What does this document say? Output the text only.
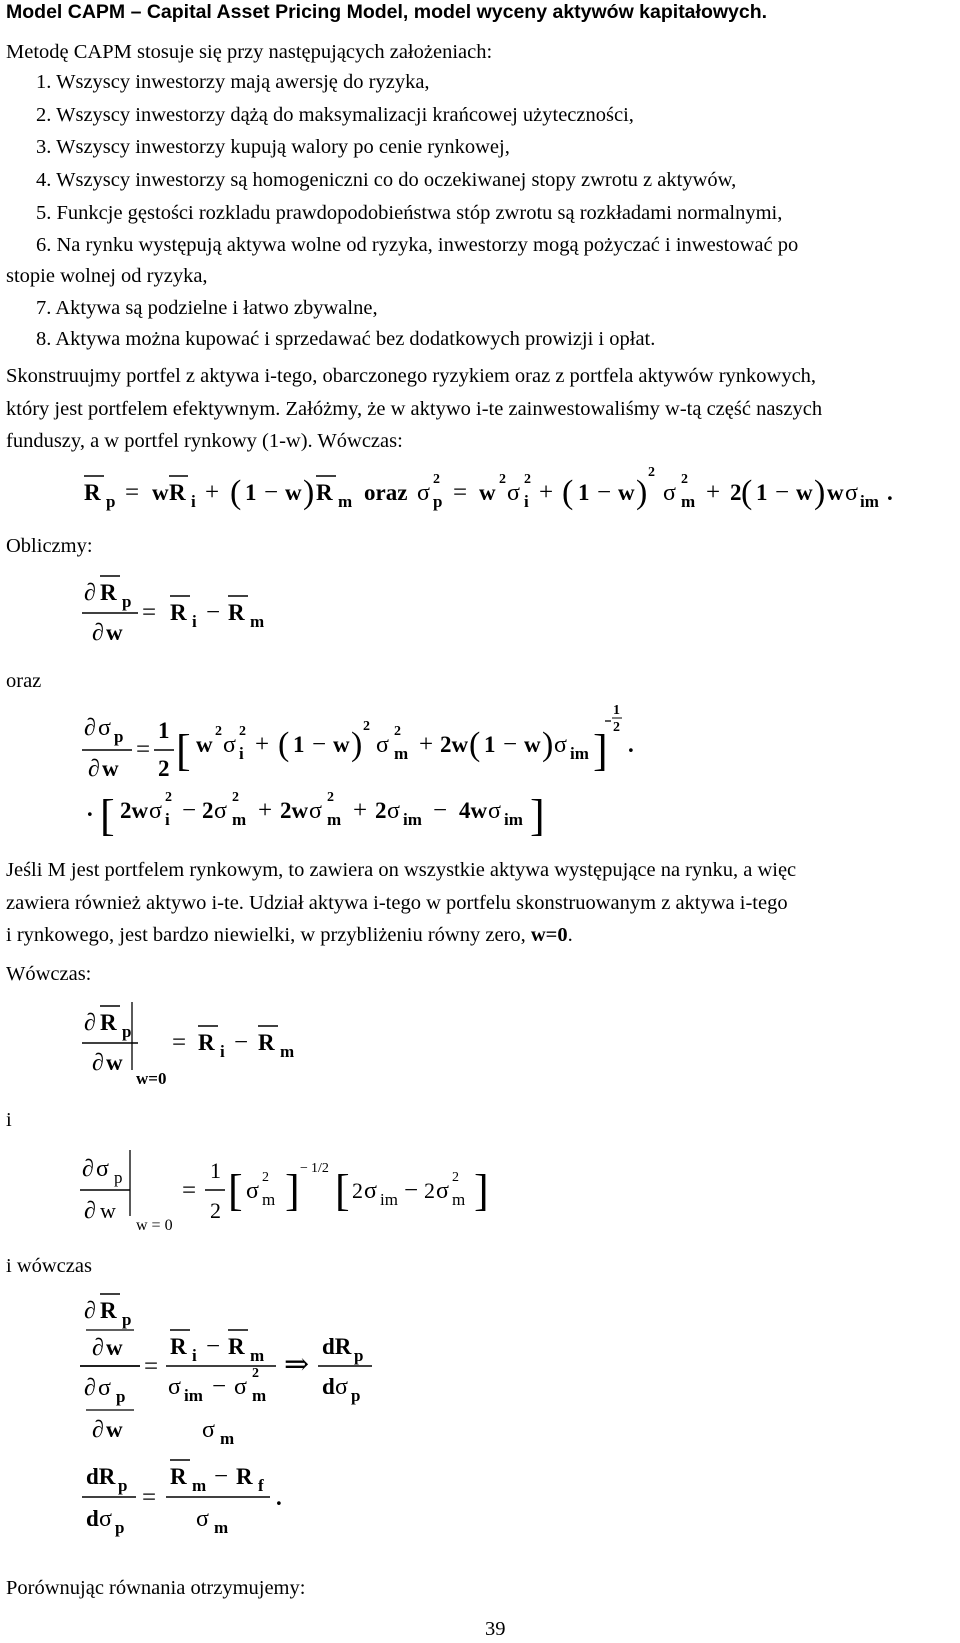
Model CAPM – Capital Asset Pricing Model, model wyceny aktywów kapitałowych.
Metodę CAPM stosuje się przy następujących założeniach:
1. Wszyscy inwestorzy mają awersję do ryzyka,
2. Wszyscy inwestorzy dążą do maksymalizacji krańcowej użyteczności,
3. Wszyscy inwestorzy kupują walory po cenie rynkowej,
4. Wszyscy inwestorzy są homogeniczni co do oczekiwanej stopy zwrotu z aktywów,
5. Funkcje gęstości rozkladu prawdopodobieństwa stóp zwrotu są rozkładami normalnymi,
6. Na rynku występują aktywa wolne od ryzyka, inwestorzy mogą pożyczać i inwestować po
stopie wolnej od ryzyka,
7. Aktywa są podzielne i łatwo zbywalne,
8. Aktywa można kupować i sprzedawać bez dodatkowych prowizji i opłat.
Skonstruujmy portfel z aktywa i-tego, obarczonego ryzykiem oraz z portfela aktywów rynkowych,
który jest portfelem efektywnym. Załóżmy, że w aktywo i-te zainwestowaliśmy w-tą część naszych
funduszy, a w portfel rynkowy (1-w). Wówczas:
Obliczmy:
oraz
Jeśli M jest portfelem rynkowym, to zawiera on wszystkie aktywa występujące na rynku, a więc
zawiera również aktywo i-te. Udział aktywa i-tego w portfelu skonstruowanym z aktywa i-tego
i rynkowego, jest bardzo niewielki, w przybliżeniu równy zero, w=0.
Wówczas:
i
i wówczas
Porównując równania otrzymujemy:
39
R p = w R i + ( 1 − w ) R m oraz σ
2
p = w
2
σ
2
i + ( 1 − w )
2
σ
2
m + 2 ( 1 − w ) w σ im .
∂ R p
∂ w
= R i − R m
∂ σ p
∂ w
=
1
2 [ w
2
σ
2
i + ( 1 − w ) 2
σ
2
m + 2w ( 1 − w ) σ im ]
1
2
.
· [ 2w σ
2
i − 2 σ
2
m + 2w σ
2
m + 2 σ im − 4w σ im ]
∂ R p
∂ w
w=0
= R i − R m
∂ σ p
∂ w
w = 0
=
1
2 [ σ
2
m ] − 1/2 [ 2 σ im − 2 σ
2
m ]
∂ R p
∂ w
∂ σ p
∂ w
=
R i − R m
σ im − σ
2
m
σ m
⇒
dR p
d σ p
dR p
d σ p
=
R m − R f
σ m
.
